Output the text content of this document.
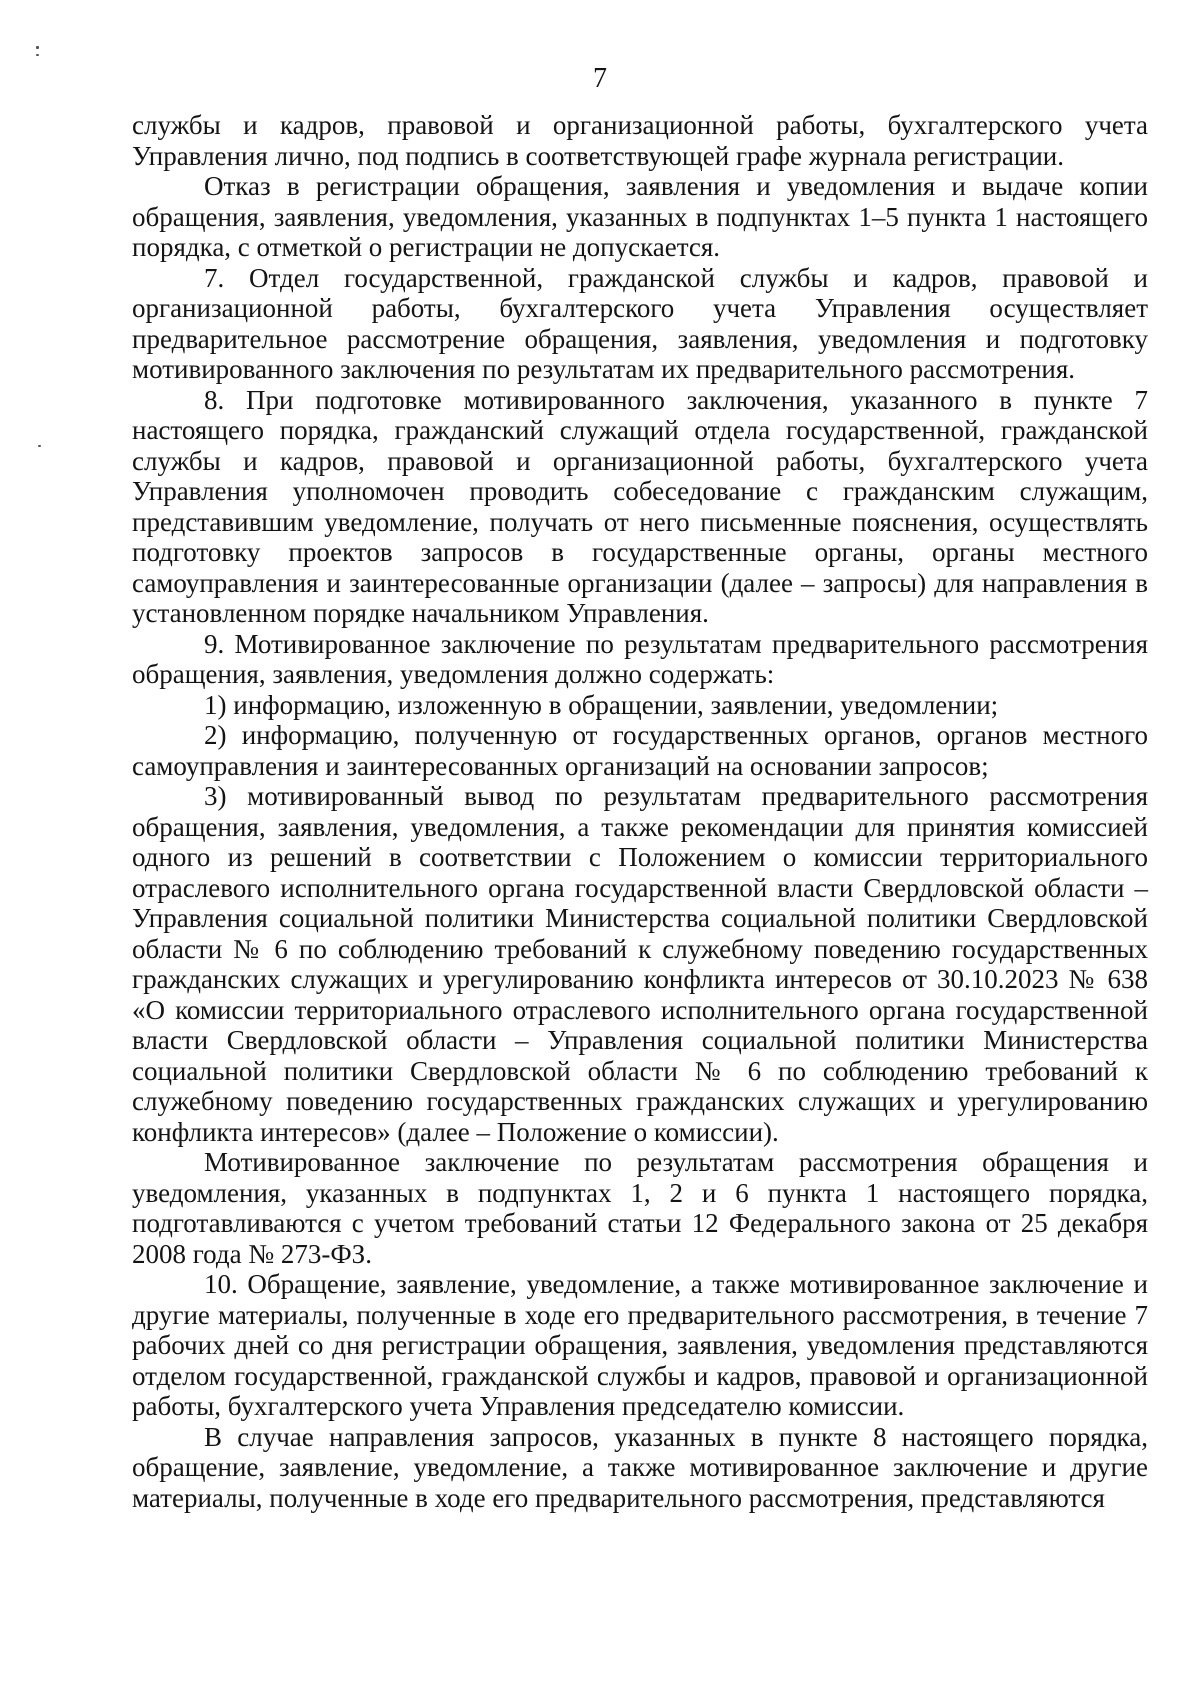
7

службы и кадров, правовой и организационной работы, бухгалтерского учета Управления лично, под подпись в соответствующей графе журнала регистрации.

Отказ в регистрации обращения, заявления и уведомления и выдаче копии обращения, заявления, уведомления, указанных в подпунктах 1–5 пункта 1 настоящего порядка, с отметкой о регистрации не допускается.

7. Отдел государственной, гражданской службы и кадров, правовой и организационной работы, бухгалтерского учета Управления осуществляет предварительное рассмотрение обращения, заявления, уведомления и подготовку мотивированного заключения по результатам их предварительного рассмотрения.

8. При подготовке мотивированного заключения, указанного в пункте 7 настоящего порядка, гражданский служащий отдела государственной, гражданской службы и кадров, правовой и организационной работы, бухгалтерского учета Управления уполномочен проводить собеседование с гражданским служащим, представившим уведомление, получать от него письменные пояснения, осуществлять подготовку проектов запросов в государственные органы, органы местного самоуправления и заинтересованные организации (далее – запросы) для направления в установленном порядке начальником Управления.

9. Мотивированное заключение по результатам предварительного рассмотрения обращения, заявления, уведомления должно содержать:

1) информацию, изложенную в обращении, заявлении, уведомлении;

2) информацию, полученную от государственных органов, органов местного самоуправления и заинтересованных организаций на основании запросов;

3) мотивированный вывод по результатам предварительного рассмотрения обращения, заявления, уведомления, а также рекомендации для принятия комиссией одного из решений в соответствии с Положением о комиссии территориального отраслевого исполнительного органа государственной власти Свердловской области – Управления социальной политики Министерства социальной политики Свердловской области № 6 по соблюдению требований к служебному поведению государственных гражданских служащих и урегулированию конфликта интересов от 30.10.2023 № 638 «О комиссии территориального отраслевого исполнительного органа государственной власти Свердловской области – Управления социальной политики Министерства социальной политики Свердловской области № 6 по соблюдению требований к служебному поведению государственных гражданских служащих и урегулированию конфликта интересов» (далее – Положение о комиссии).

Мотивированное заключение по результатам рассмотрения обращения и уведомления, указанных в подпунктах 1, 2 и 6 пункта 1 настоящего порядка, подготавливаются с учетом требований статьи 12 Федерального закона от 25 декабря 2008 года № 273-ФЗ.

10. Обращение, заявление, уведомление, а также мотивированное заключение и другие материалы, полученные в ходе его предварительного рассмотрения, в течение 7 рабочих дней со дня регистрации обращения, заявления, уведомления представляются отделом государственной, гражданской службы и кадров, правовой и организационной работы, бухгалтерского учета Управления председателю комиссии.

В случае направления запросов, указанных в пункте 8 настоящего порядка, обращение, заявление, уведомление, а также мотивированное заключение и другие материалы, полученные в ходе его предварительного рассмотрения, представляются
